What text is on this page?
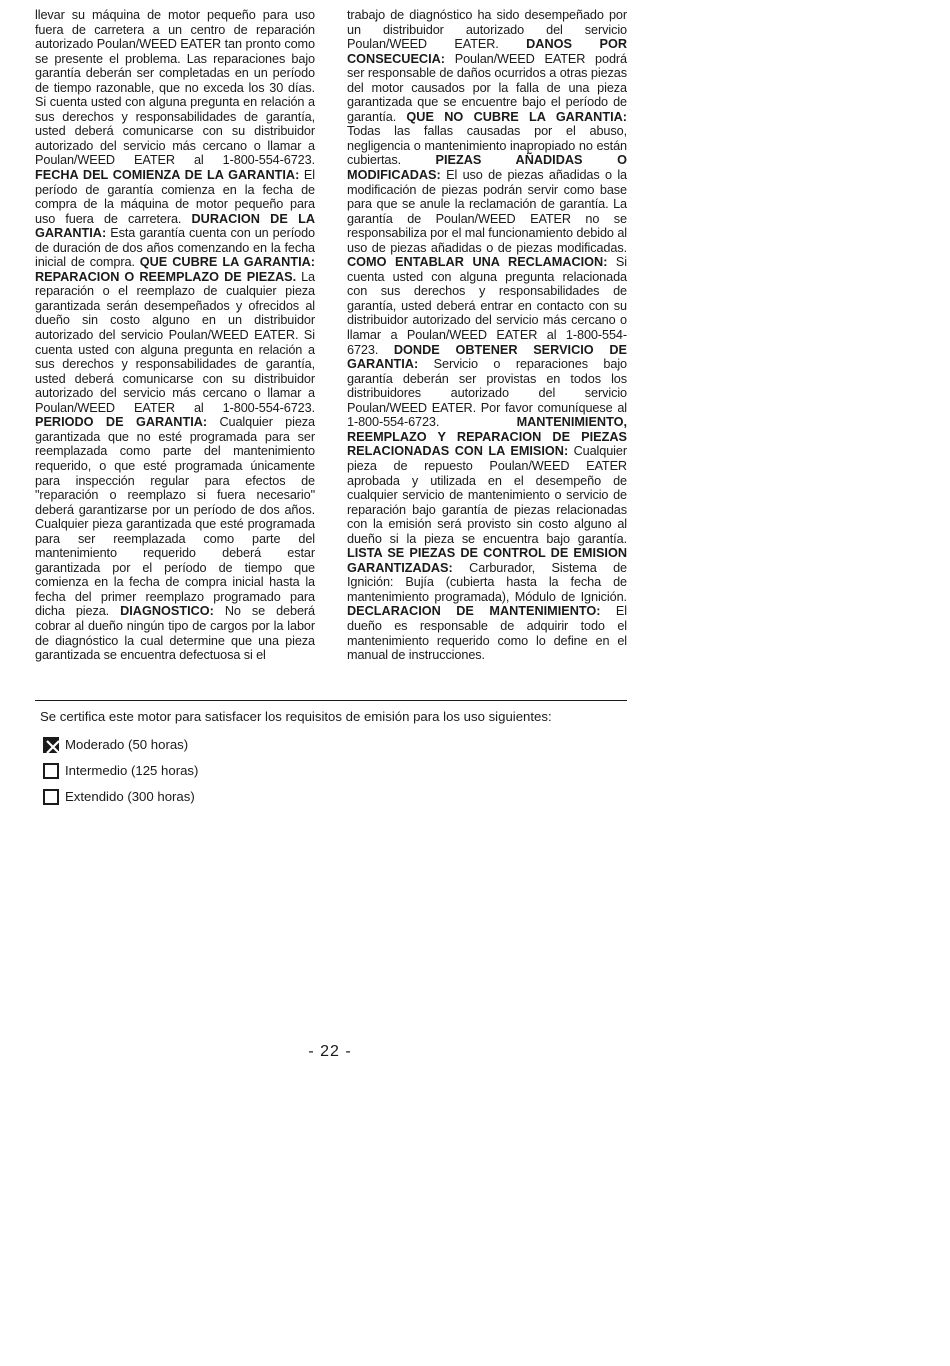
llevar su máquina de motor pequeño para uso fuera de carretera a un centro de reparación autorizado Poulan/WEED EATER tan pronto como se presente el problema. Las reparaciones bajo garantía deberán ser completadas en un período de tiempo razonable, que no exceda los 30 días. Si cuenta usted con alguna pregunta en relación a sus derechos y responsabilidades de garantía, usted deberá comunicarse con su distribuidor autorizado del servicio más cercano o llamar a Poulan/WEED EATER al 1-800-554-6723. FECHA DEL COMIENZA DE LA GARANTIA: El período de garantía comienza en la fecha de compra de la máquina de motor pequeño para uso fuera de carretera. DURACION DE LA GARANTIA: Esta garantía cuenta con un período de duración de dos años comenzando en la fecha inicial de compra. QUE CUBRE LA GARANTIA: REPARACION O REEMPLAZO DE PIEZAS. La reparación o el reemplazo de cualquier pieza garantizada serán desempeñados y ofrecidos al dueño sin costo alguno en un distribuidor autorizado del servicio Poulan/WEED EATER. Si cuenta usted con alguna pregunta en relación a sus derechos y responsabilidades de garantía, usted deberá comunicarse con su distribuidor autorizado del servicio más cercano o llamar a Poulan/WEED EATER al 1-800-554-6723. PERIODO DE GARANTIA: Cualquier pieza garantizada que no esté programada para ser reemplazada como parte del mantenimiento requerido, o que esté programada únicamente para inspección regular para efectos de "reparación o reemplazo si fuera necesario" deberá garantizarse por un período de dos años. Cualquier pieza garantizada que esté programada para ser reemplazada como parte del mantenimiento requerido deberá estar garantizada por el período de tiempo que comienza en la fecha de compra inicial hasta la fecha del primer reemplazo programado para dicha pieza. DIAGNOSTICO: No se deberá cobrar al dueño ningún tipo de cargos por la labor de diagnóstico la cual determine que una pieza garantizada se encuentra defectuosa si el
trabajo de diagnóstico ha sido desempeñado por un distribuidor autorizado del servicio Poulan/WEED EATER. DANOS POR CONSECUECIA: Poulan/WEED EATER podrá ser responsable de daños ocurridos a otras piezas del motor causados por la falla de una pieza garantizada que se encuentre bajo el período de garantía. QUE NO CUBRE LA GARANTIA: Todas las fallas causadas por el abuso, negligencia o mantenimiento inapropiado no están cubiertas. PIEZAS AÑADIDAS O MODIFICADAS: El uso de piezas añadidas o la modificación de piezas podrán servir como base para que se anule la reclamación de garantía. La garantía de Poulan/WEED EATER no se responsabiliza por el mal funcionamiento debido al uso de piezas añadidas o de piezas modificadas. COMO ENTABLAR UNA RECLAMACION: Si cuenta usted con alguna pregunta relacionada con sus derechos y responsabilidades de garantía, usted deberá entrar en contacto con su distribuidor autorizado del servicio más cercano o llamar a Poulan/WEED EATER al 1-800-554-6723. DONDE OBTENER SERVICIO DE GARANTIA: Servicio o reparaciones bajo garantía deberán ser provistas en todos los distribuidores autorizado del servicio Poulan/WEED EATER. Por favor comuníquese al 1-800-554-6723. MANTENIMIENTO, REEMPLAZO Y REPARACION DE PIEZAS RELACIONADAS CON LA EMISION: Cualquier pieza de repuesto Poulan/WEED EATER aprobada y utilizada en el desempeño de cualquier servicio de mantenimiento o servicio de reparación bajo garantía de piezas relacionadas con la emisión será provisto sin costo alguno al dueño si la pieza se encuentra bajo garantía. LISTA SE PIEZAS DE CONTROL DE EMISION GARANTIZADAS: Carburador, Sistema de Ignición: Bujía (cubierta hasta la fecha de mantenimiento programada), Módulo de Ignición. DECLARACION DE MANTENIMIENTO: El dueño es responsable de adquirir todo el mantenimiento requerido como lo define en el manual de instrucciones.
Se certifica este motor para satisfacer los requisitos de emisión para los uso siguientes:
Moderado (50 horas)
Intermedio (125 horas)
Extendido (300 horas)
- 22 -
